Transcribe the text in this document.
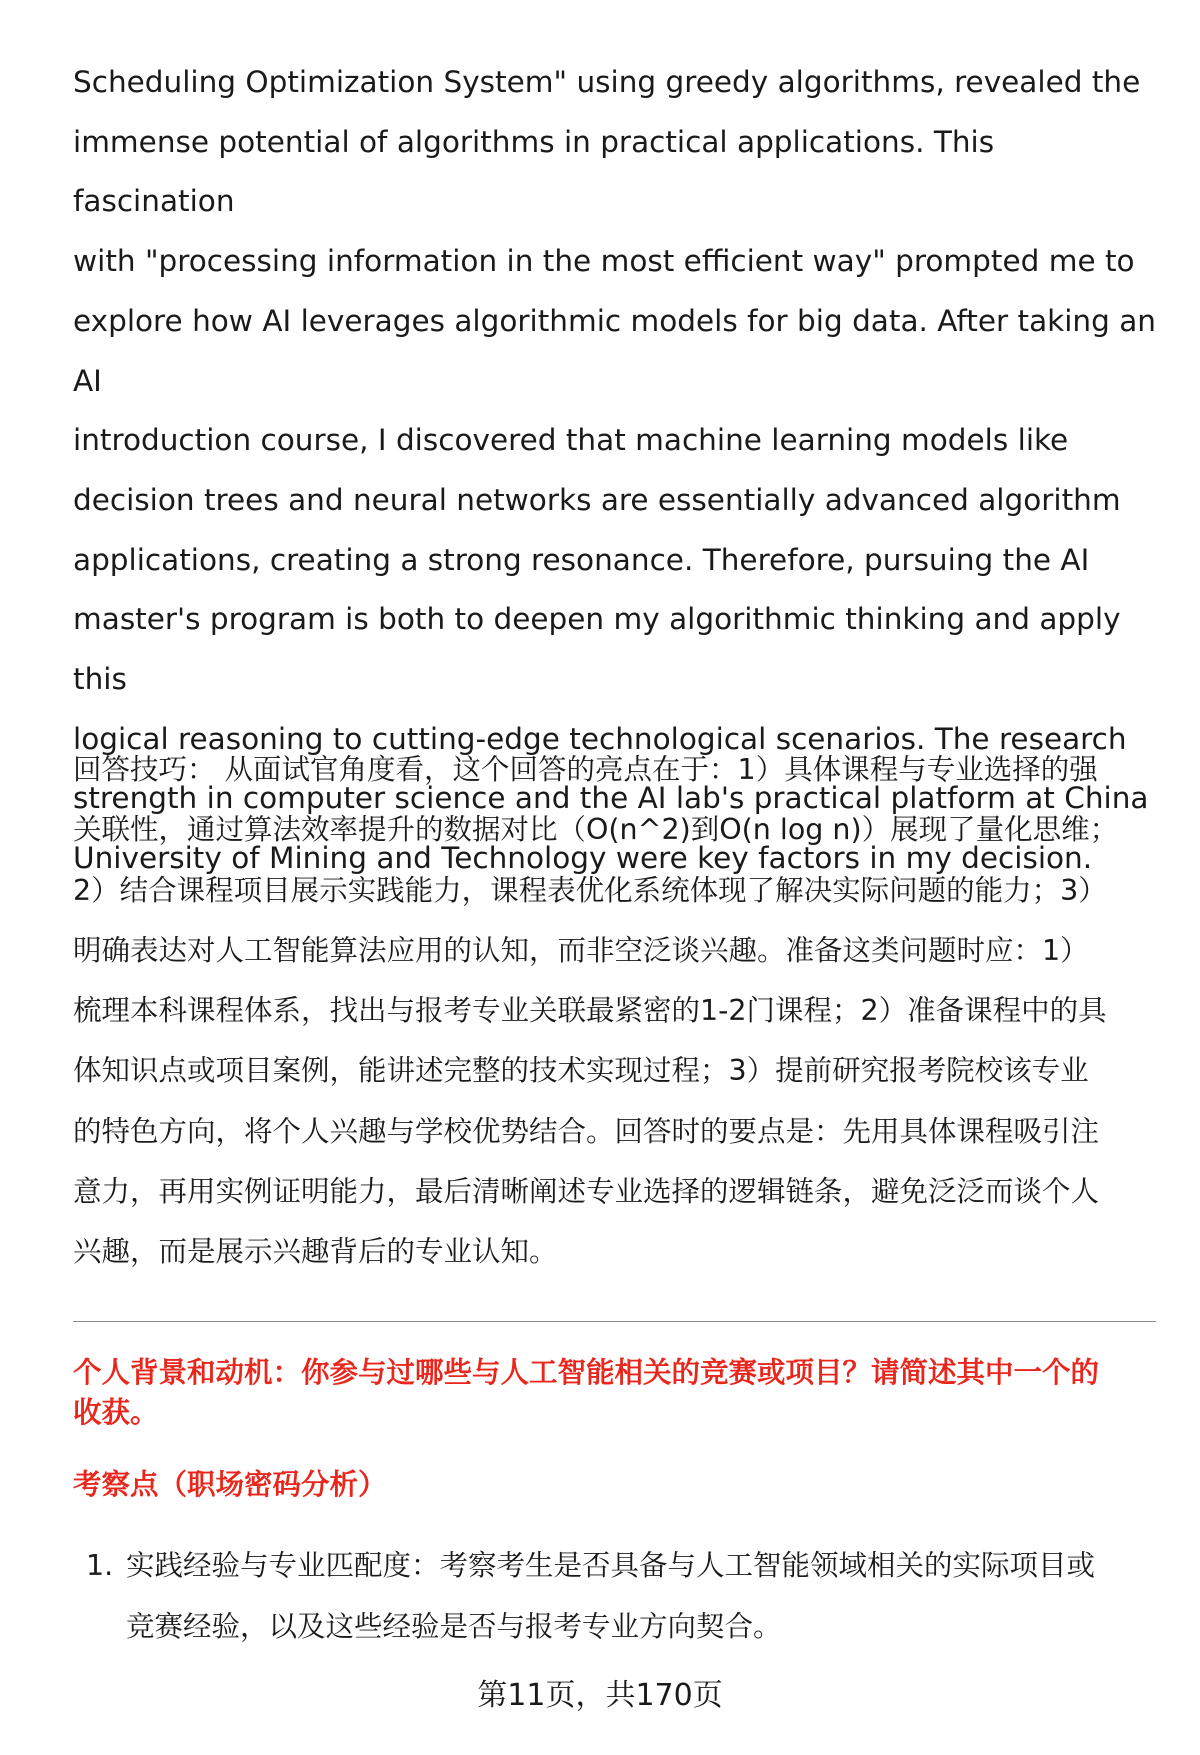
Scheduling Optimization System" using greedy algorithms, revealed the
immense potential of algorithms in practical applications. This fascination
with "processing information in the most efficient way" prompted me to
explore how AI leverages algorithmic models for big data. After taking an AI
introduction course, I discovered that machine learning models like
decision trees and neural networks are essentially advanced algorithm
applications, creating a strong resonance. Therefore, pursuing the AI
master's program is both to deepen my algorithmic thinking and apply this
logical reasoning to cutting-edge technological scenarios. The research
strength in computer science and the AI lab's practical platform at China
University of Mining and Technology were key factors in my decision.

回答技巧： 从面试官角度看，这个回答的亮点在于：1）具体课程与专业选择的强
关联性，通过算法效率提升的数据对比（O(n^2)到O(n log n)）展现了量化思维；
2）结合课程项目展示实践能力，课程表优化系统体现了解决实际问题的能力；3）
明确表达对人工智能算法应用的认知，而非空泛谈兴趣。准备这类问题时应：1）
梳理本科课程体系，找出与报考专业关联最紧密的1-2门课程；2）准备课程中的具
体知识点或项目案例，能讲述完整的技术实现过程；3）提前研究报考院校该专业
的特色方向，将个人兴趣与学校优势结合。回答时的要点是：先用具体课程吸引注
意力，再用实例证明能力，最后清晰阐述专业选择的逻辑链条，避免泛泛而谈个人
兴趣，而是展示兴趣背后的专业认知。

个人背景和动机：你参与过哪些与人工智能相关的竞赛或项目？请简述其中一个的
收获。

考察点（职场密码分析）
1. 实践经验与专业匹配度：考察考生是否具备与人工智能领域相关的实际项目或
竞赛经验，以及这些经验是否与报考专业方向契合。

第11页，共170页
